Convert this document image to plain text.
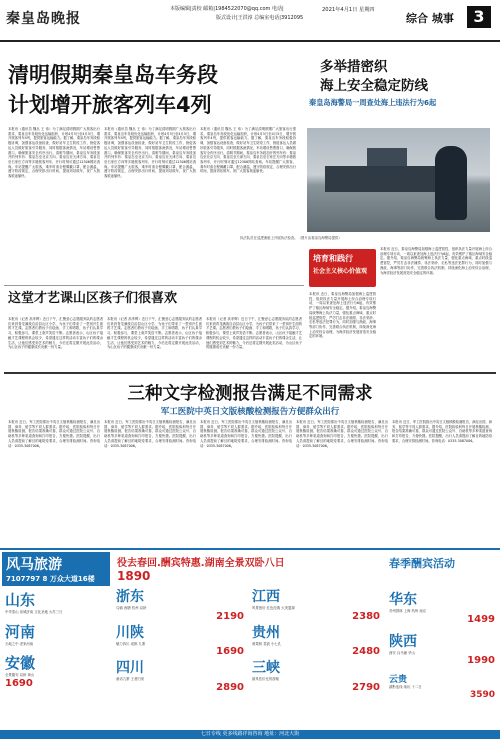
秦皇岛晚报
本版编辑|责校 邮箱|1984522070@qq.com 电话|
版式设计|王洪淳 总编室电话|3912095
2021年4月1日 星期四
综合 城事	3
清明假期秦皇岛车务段
计划增开旅客列车4列
本报讯（通讯员 魏丛 王 伟）为了满足清明假期广大旅客出行需求，秦皇岛车务段优化运输组织，计划4月3日至4月5日，增开旅客列车4列，提供旅客运输能力。据了解，秦皇岛车务段积极协调，加强客运设备检查，做好站车卫生防疫工作，督促客运人员做好旅客引导服务，同时根据客流情况，车站增设售票窗口，确保旅客安全有序出行。清明节期间，秦皇岛车务段加开的列车有：秦皇岛至北京方向、秦皇岛至天津方向、秦皇岛至石家庄方向等多趟旅客列车，开行时刻可通过12306网站查询。车站提醒广大旅客，乘车时请全程佩戴口罩，配合测温，遵守防疫规定，合理安排出行时间，提前到站候车，祝广大旅客旅途愉快。
本报讯（通讯员 魏丛 王 伟）为了满足清明假期广大旅客出行需求，秦皇岛车务段优化运输组织，计划4月3日至4月5日，增开旅客列车4列，提供旅客运输能力。据了解，秦皇岛车务段积极协调，加强客运设备检查，做好站车卫生防疫工作，督促客运人员做好旅客引导服务，同时根据客流情况，车站增设售票窗口，确保旅客安全有序出行。清明节期间，秦皇岛车务段加开的列车有：秦皇岛至北京方向、秦皇岛至天津方向、秦皇岛至石家庄方向等多趟旅客列车，开行时刻可通过12306网站查询。车站提醒广大旅客，乘车时请全程佩戴口罩，配合测温，遵守防疫规定，合理安排出行时间，提前到站候车，祝广大旅客旅途愉快。
本报讯（通讯员 魏丛 王 伟）为了满足清明假期广大旅客出行需求，秦皇岛车务段优化运输组织，计划4月3日至4月5日，增开旅客列车4列，提供旅客运输能力。据了解，秦皇岛车务段积极协调，加强客运设备检查，做好站车卫生防疫工作，督促客运人员做好旅客引导服务，同时根据客流情况，车站增设售票窗口，确保旅客安全有序出行。清明节期间，秦皇岛车务段加开的列车有：秦皇岛至北京方向、秦皇岛至天津方向、秦皇岛至石家庄方向等多趟旅客列车，开行时刻可通过12306网站查询。车站提醒广大旅客，乘车时请全程佩戴口罩，配合测温，遵守防疫规定，合理安排出行时间，提前到站候车，祝广大旅客旅途愉快。
多举措密织
海上安全稳定防线
秦皇岛海警局一周查处海上违法行为6起
执法队员在巡逻渔船上开展执法检查。（图片由秦皇岛海警局提供）
本报讯 近日，秦皇岛海警局加强海上巡逻管控，组织执法力量开展海上综合治理专项行动，一周以来查处海上违法行为6起，有效维护了辖区海域安全稳定。据介绍，秦皇岛海警局统筹海上执法力量，强化重点海域、重点时段巡逻管控，严厉打击非法捕捞、非法采砂、走私等违法犯罪行为，同时加强与渔政、海事等部门协作，完善联合执法机制，持续深化海上治安综合治理，为海洋经济发展营造安全稳定的环境。
培育和践行
社会主义核心价值观
本报讯 近日，秦皇岛海警局加强海上巡逻管控，组织执法力量开展海上综合治理专项行动，一周以来查处海上违法行为6起，有效维护了辖区海域安全稳定。据介绍，秦皇岛海警局统筹海上执法力量，强化重点海域、重点时段巡逻管控，严厉打击非法捕捞、非法采砂、走私等违法犯罪行为，同时加强与渔政、海事等部门协作，完善联合执法机制，持续深化海上治安综合治理，为海洋经济发展营造安全稳定的环境。
这堂才艺课山区孩子们很喜欢
本报讯（记者 高孝辉）近日下午，汇聚爱心志愿服务队的志愿者们来到青龙满族自治县山区小学，为孩子们带来了一堂别开生面的才艺课。志愿者们教孩子们绘画、手工和唱歌，孩子们认真学习，积极参与，课堂上欢声笑语不断。志愿者表示，山区孩子接触才艺课程的机会较少，希望通过这样的活动丰富孩子们的课余生活，让他们感受到艺术的魅力，今后还将定期开展此类活动，为山区孩子的健康成长贡献一份力量。
本报讯（记者 高孝辉）近日下午，汇聚爱心志愿服务队的志愿者们来到青龙满族自治县山区小学，为孩子们带来了一堂别开生面的才艺课。志愿者们教孩子们绘画、手工和唱歌，孩子们认真学习，积极参与，课堂上欢声笑语不断。志愿者表示，山区孩子接触才艺课程的机会较少，希望通过这样的活动丰富孩子们的课余生活，让他们感受到艺术的魅力，今后还将定期开展此类活动，为山区孩子的健康成长贡献一份力量。
本报讯（记者 高孝辉）近日下午，汇聚爱心志愿服务队的志愿者们来到青龙满族自治县山区小学，为孩子们带来了一堂别开生面的才艺课。志愿者们教孩子们绘画、手工和唱歌，孩子们认真学习，积极参与，课堂上欢声笑语不断。志愿者表示，山区孩子接触才艺课程的机会较少，希望通过这样的活动丰富孩子们的课余生活，让他们感受到艺术的魅力，今后还将定期开展此类活动，为山区孩子的健康成长贡献一份力量。
三种文字检测报告满足不同需求
军工医院中英日文版核酸检测报告方便群众出行
本报讯 近日，军工医院推出中英日文版核酸检测报告，满足出国、商务、留学等不同人群需求。据介绍，医院检验科每日开展核酸检测，报告结果准确可靠，群众可通过医院公众号、自助机等多种渠道查询和打印报告，方便快捷。医院提醒，出行人员请提前了解目的地防疫要求，合理安排检测时间。咨询电话：0335-3087006。
本报讯 近日，军工医院推出中英日文版核酸检测报告，满足出国、商务、留学等不同人群需求。据介绍，医院检验科每日开展核酸检测，报告结果准确可靠，群众可通过医院公众号、自助机等多种渠道查询和打印报告，方便快捷。医院提醒，出行人员请提前了解目的地防疫要求，合理安排检测时间。咨询电话：0335-3087006。
本报讯 近日，军工医院推出中英日文版核酸检测报告，满足出国、商务、留学等不同人群需求。据介绍，医院检验科每日开展核酸检测，报告结果准确可靠，群众可通过医院公众号、自助机等多种渠道查询和打印报告，方便快捷。医院提醒，出行人员请提前了解目的地防疫要求，合理安排检测时间。咨询电话：0335-3087006。
本报讯 近日，军工医院推出中英日文版核酸检测报告，满足出国、商务、留学等不同人群需求。据介绍，医院检验科每日开展核酸检测，报告结果准确可靠，群众可通过医院公众号、自助机等多种渠道查询和打印报告，方便快捷。医院提醒，出行人员请提前了解目的地防疫要求，合理安排检测时间。咨询电话：0335-3087006。
本报讯 近日，军工医院推出中英日文版核酸检测报告，满足出国、商务、留学等不同人群需求。据介绍，医院检验科每日开展核酸检测，报告结果准确可靠，群众可通过医院公众号、自助机等多种渠道查询和打印报告，方便快捷。医院提醒，出行人员请提前了解目的地防疫要求，合理安排检测时间。咨询电话：0335-3087006。
风马旅游
7107797 8 万众大道16楼
山东
中华泰山 泉城济南 文化圣地 大苏三日
河南
天地之中 老家河南
安徽
全景徽安 双卧 黄山
1690
役去春回.酬宾特惠.湖南全景双卧八日
1890
浙东
乌镇 西塘 杭州 双卧
2190
江西
风景独好 红色经典 大美婺源
2380
川陕
魅力四川 成都 九寨
1690
贵州
黄果树 荔波 小七孔
2480
四川
童话九寨 王者归来
2890
三峡
最具性价比的游船
2790
春季酬宾活动
华东
苏州园林 上海 杭州 南京
1499
陕西
西安 兵马俑 华山
1990
云贵
滇黔连线 纯玩 十二日
3590
七日专线 更多线路详询咨询 地址：河北大街
